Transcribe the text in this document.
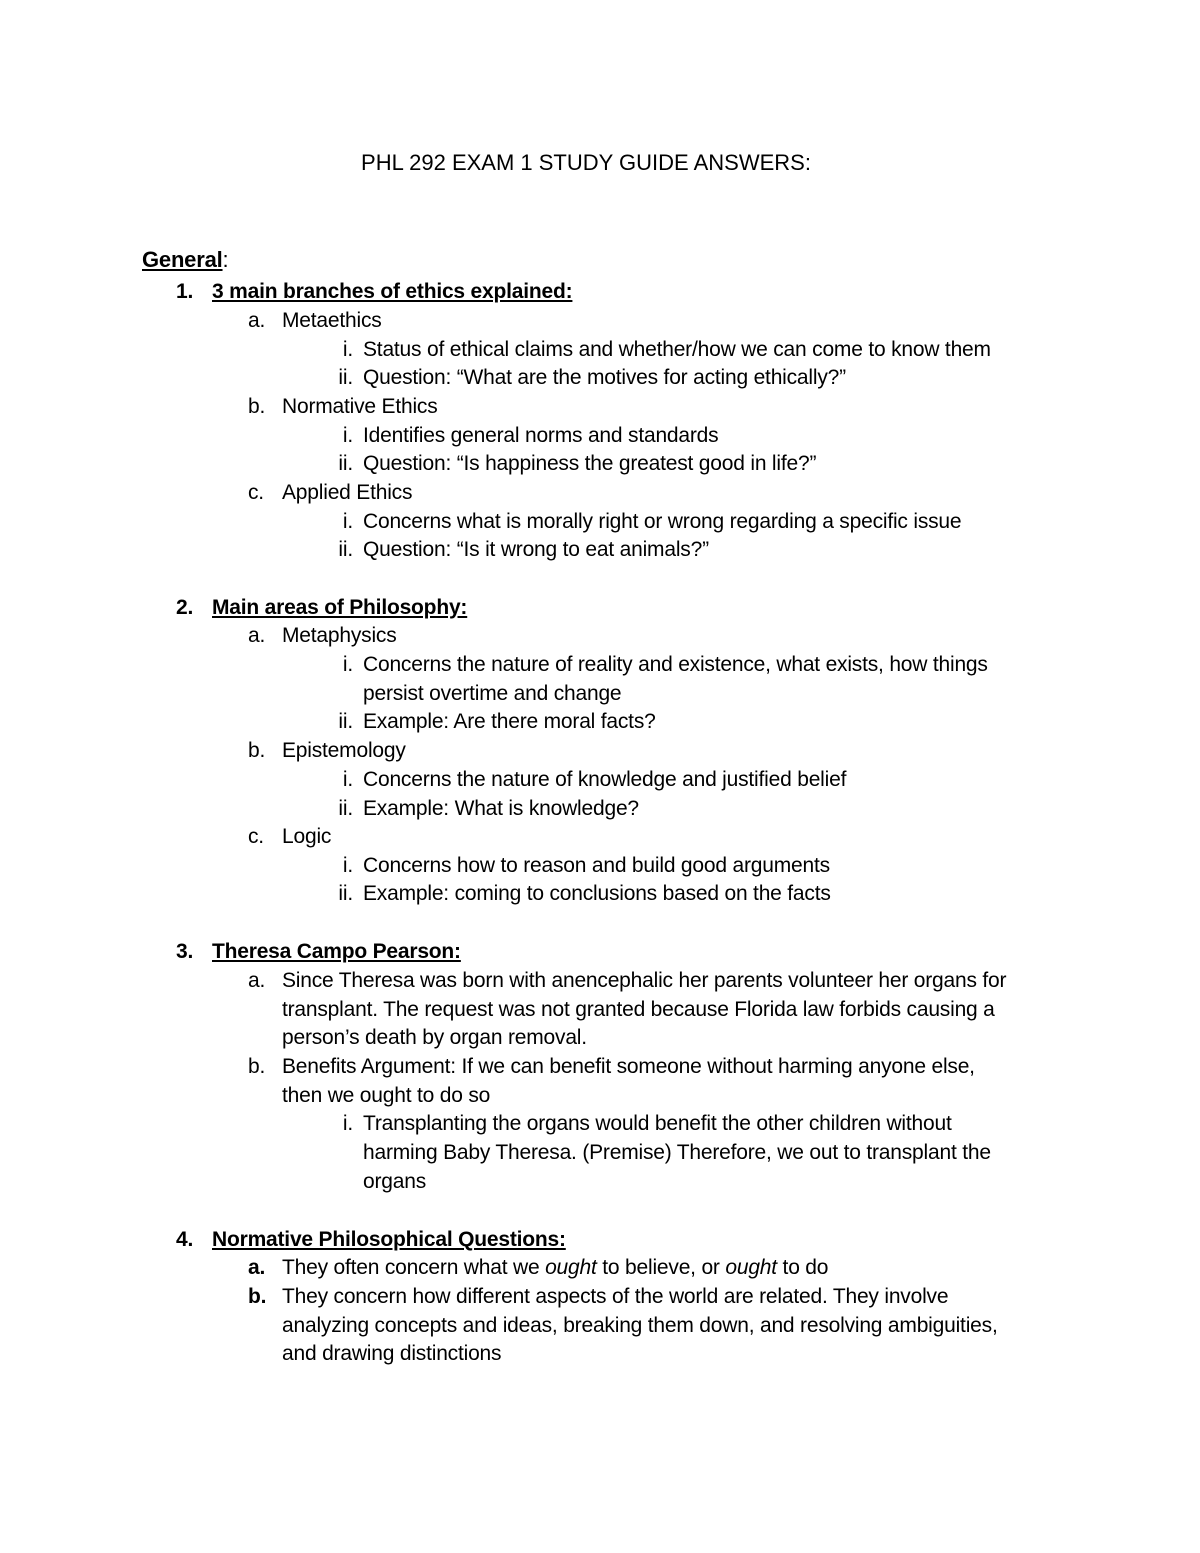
PHL 292 EXAM 1 STUDY GUIDE ANSWERS:
General:
1. 3 main branches of ethics explained:
a. Metaethics
i. Status of ethical claims and whether/how we can come to know them
ii. Question: “What are the motives for acting ethically?”
b. Normative Ethics
i. Identifies general norms and standards
ii. Question: “Is happiness the greatest good in life?”
c. Applied Ethics
i. Concerns what is morally right or wrong regarding a specific issue
ii. Question: “Is it wrong to eat animals?”
2. Main areas of Philosophy:
a. Metaphysics
i. Concerns the nature of reality and existence, what exists, how things
persist overtime and change
ii. Example: Are there moral facts?
b. Epistemology
i. Concerns the nature of knowledge and justified belief
ii. Example: What is knowledge?
c. Logic
i. Concerns how to reason and build good arguments
ii. Example: coming to conclusions based on the facts
3. Theresa Campo Pearson:
a. Since Theresa was born with anencephalic her parents volunteer her organs for
transplant. The request was not granted because Florida law forbids causing a
person’s death by organ removal.
b. Benefits Argument: If we can benefit someone without harming anyone else,
then we ought to do so
i. Transplanting the organs would benefit the other children without
harming Baby Theresa. (Premise) Therefore, we out to transplant the
organs
4. Normative Philosophical Questions:
a. They often concern what we ought to believe, or ought to do
b. They concern how different aspects of the world are related. They involve
analyzing concepts and ideas, breaking them down, and resolving ambiguities,
and drawing distinctions
